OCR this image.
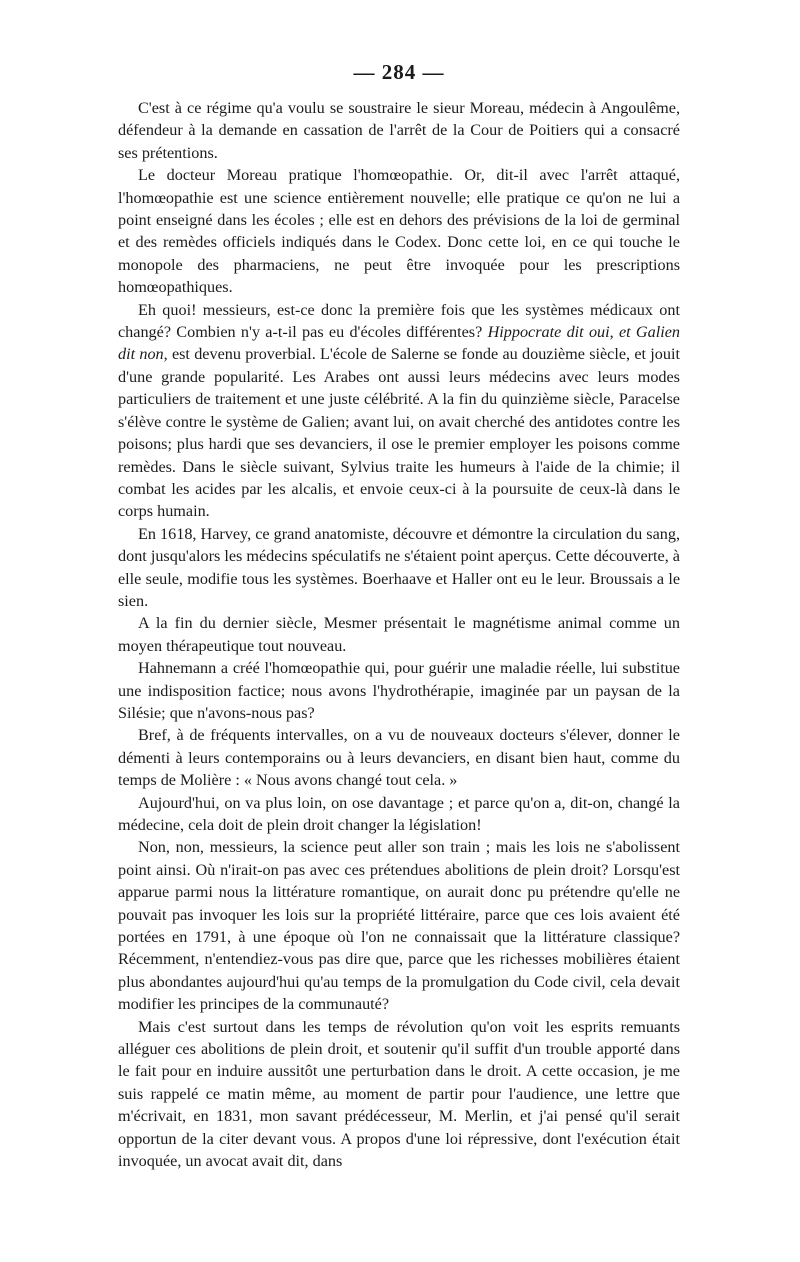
— 284 —

C'est à ce régime qu'a voulu se soustraire le sieur Moreau, médecin à Angoulême, défendeur à la demande en cassation de l'arrêt de la Cour de Poitiers qui a consacré ses prétentions.

Le docteur Moreau pratique l'homœopathie. Or, dit-il avec l'arrêt attaqué, l'homœopathie est une science entièrement nouvelle; elle pratique ce qu'on ne lui a point enseigné dans les écoles ; elle est en dehors des prévisions de la loi de germinal et des remèdes officiels indiqués dans le Codex. Donc cette loi, en ce qui touche le monopole des pharmaciens, ne peut être invoquée pour les prescriptions homœopathiques.

Eh quoi! messieurs, est-ce donc la première fois que les systèmes médicaux ont changé? Combien n'y a-t-il pas eu d'écoles différentes? Hippocrate dit oui, et Galien dit non, est devenu proverbial. L'école de Salerne se fonde au douzième siècle, et jouit d'une grande popularité. Les Arabes ont aussi leurs médecins avec leurs modes particuliers de traitement et une juste célébrité. A la fin du quinzième siècle, Paracelse s'élève contre le système de Galien; avant lui, on avait cherché des antidotes contre les poisons; plus hardi que ses devanciers, il ose le premier employer les poisons comme remèdes. Dans le siècle suivant, Sylvius traite les humeurs à l'aide de la chimie; il combat les acides par les alcalis, et envoie ceux-ci à la poursuite de ceux-là dans le corps humain.

En 1618, Harvey, ce grand anatomiste, découvre et démontre la circulation du sang, dont jusqu'alors les médecins spéculatifs ne s'étaient point aperçus. Cette découverte, à elle seule, modifie tous les systèmes. Boerhaave et Haller ont eu le leur. Broussais a le sien.

A la fin du dernier siècle, Mesmer présentait le magnétisme animal comme un moyen thérapeutique tout nouveau.

Hahnemann a créé l'homœopathie qui, pour guérir une maladie réelle, lui substitue une indisposition factice; nous avons l'hydrothérapie, imaginée par un paysan de la Silésie; que n'avons-nous pas?

Bref, à de fréquents intervalles, on a vu de nouveaux docteurs s'élever, donner le démenti à leurs contemporains ou à leurs devanciers, en disant bien haut, comme du temps de Molière : « Nous avons changé tout cela. »

Aujourd'hui, on va plus loin, on ose davantage ; et parce qu'on a, dit-on, changé la médecine, cela doit de plein droit changer la législation!

Non, non, messieurs, la science peut aller son train ; mais les lois ne s'abolissent point ainsi. Où n'irait-on pas avec ces prétendues abolitions de plein droit? Lorsqu'est apparue parmi nous la littérature romantique, on aurait donc pu prétendre qu'elle ne pouvait pas invoquer les lois sur la propriété littéraire, parce que ces lois avaient été portées en 1791, à une époque où l'on ne connaissait que la littérature classique? Récemment, n'entendiez-vous pas dire que, parce que les richesses mobilières étaient plus abondantes aujourd'hui qu'au temps de la promulgation du Code civil, cela devait modifier les principes de la communauté?

Mais c'est surtout dans les temps de révolution qu'on voit les esprits remuants alléguer ces abolitions de plein droit, et soutenir qu'il suffit d'un trouble apporté dans le fait pour en induire aussitôt une perturbation dans le droit. A cette occasion, je me suis rappelé ce matin même, au moment de partir pour l'audience, une lettre que m'écrivait, en 1831, mon savant prédécesseur, M. Merlin, et j'ai pensé qu'il serait opportun de la citer devant vous. A propos d'une loi répressive, dont l'exécution était invoquée, un avocat avait dit, dans
